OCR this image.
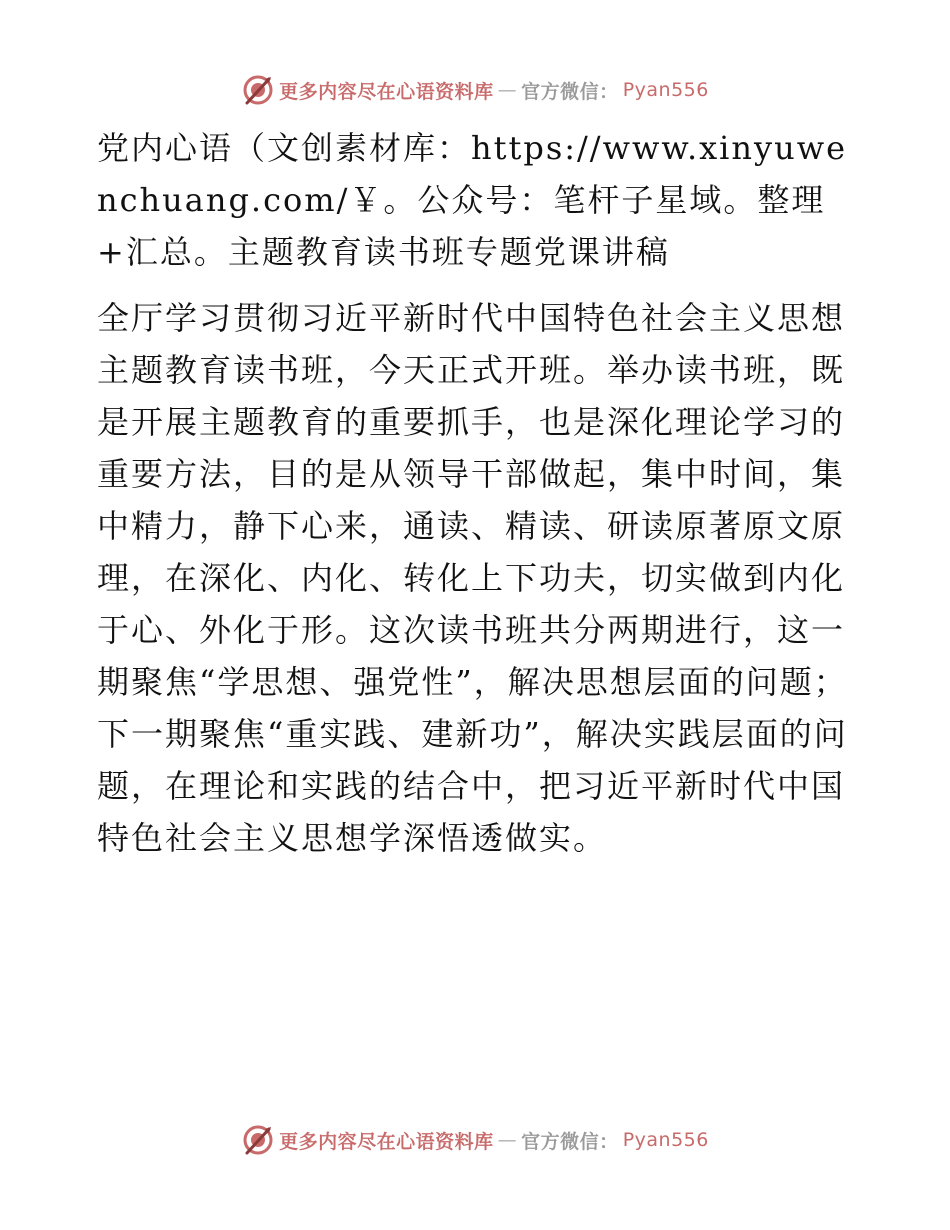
更多内容尽在心语资料库 — 官方微信： Pyan556

党内心语（文创素材库：https://www.xinyuwenchuang.com/￥。公众号：笔杆子星域。整理+汇总。主题教育读书班专题党课讲稿

全厅学习贯彻习近平新时代中国特色社会主义思想主题教育读书班，今天正式开班。举办读书班，既是开展主题教育的重要抓手，也是深化理论学习的重要方法，目的是从领导干部做起，集中时间，集中精力，静下心来，通读、精读、研读原著原文原理，在深化、内化、转化上下功夫，切实做到内化于心、外化于形。这次读书班共分两期进行，这一期聚焦“学思想、强党性”，解决思想层面的问题；下一期聚焦“重实践、建新功”，解决实践层面的问题，在理论和实践的结合中，把习近平新时代中国特色社会主义思想学深悟透做实。

更多内容尽在心语资料库 — 官方微信： Pyan556
